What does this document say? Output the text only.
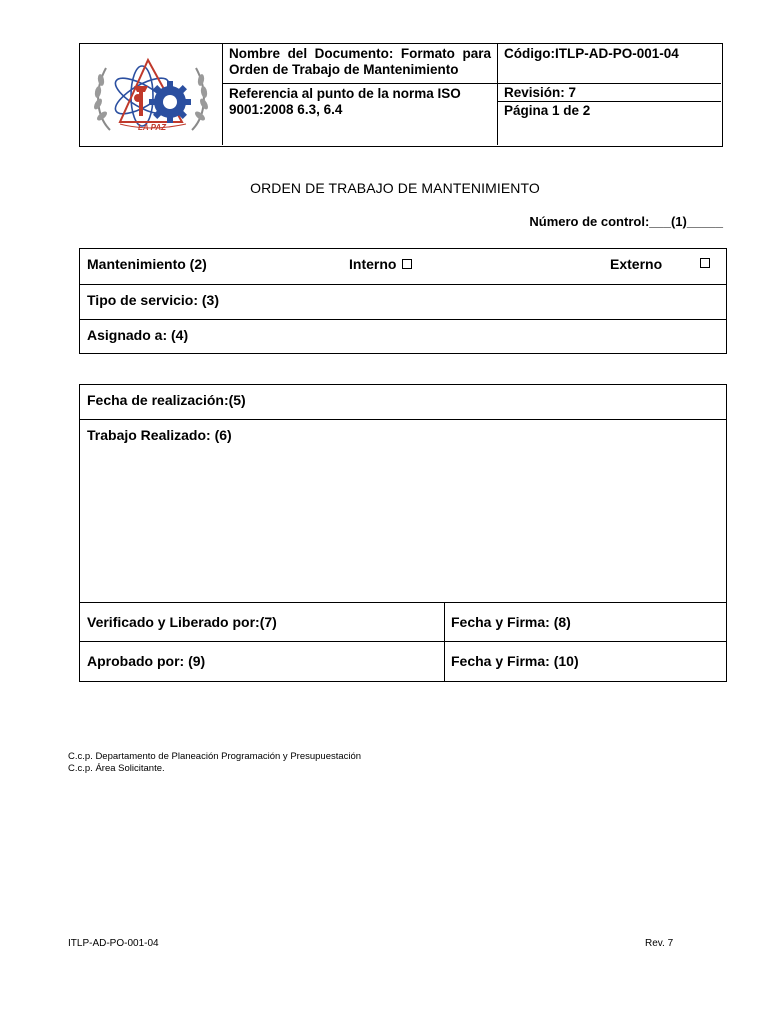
LA PAZ
Nombre del Documento: Formato para Orden de Trabajo de Mantenimiento
Referencia al punto de la norma ISO 9001:2008 6.3, 6.4
Código:ITLP-AD-PO-001-04
Revisión: 7
Página 1 de 2
ORDEN DE TRABAJO DE MANTENIMIENTO
Número de control:___(1)_____
Mantenimiento (2)	Interno	Externo
Tipo de servicio: (3)
Asignado a: (4)
Fecha de realización:(5)
Trabajo Realizado: (6)
Verificado y Liberado por:(7)	Fecha y Firma: (8)
Aprobado por: (9)	Fecha y Firma: (10)
C.c.p. Departamento de Planeación Programación y Presupuestación
C.c.p. Área Solicitante.
ITLP-AD-PO-001-04	Rev. 7
